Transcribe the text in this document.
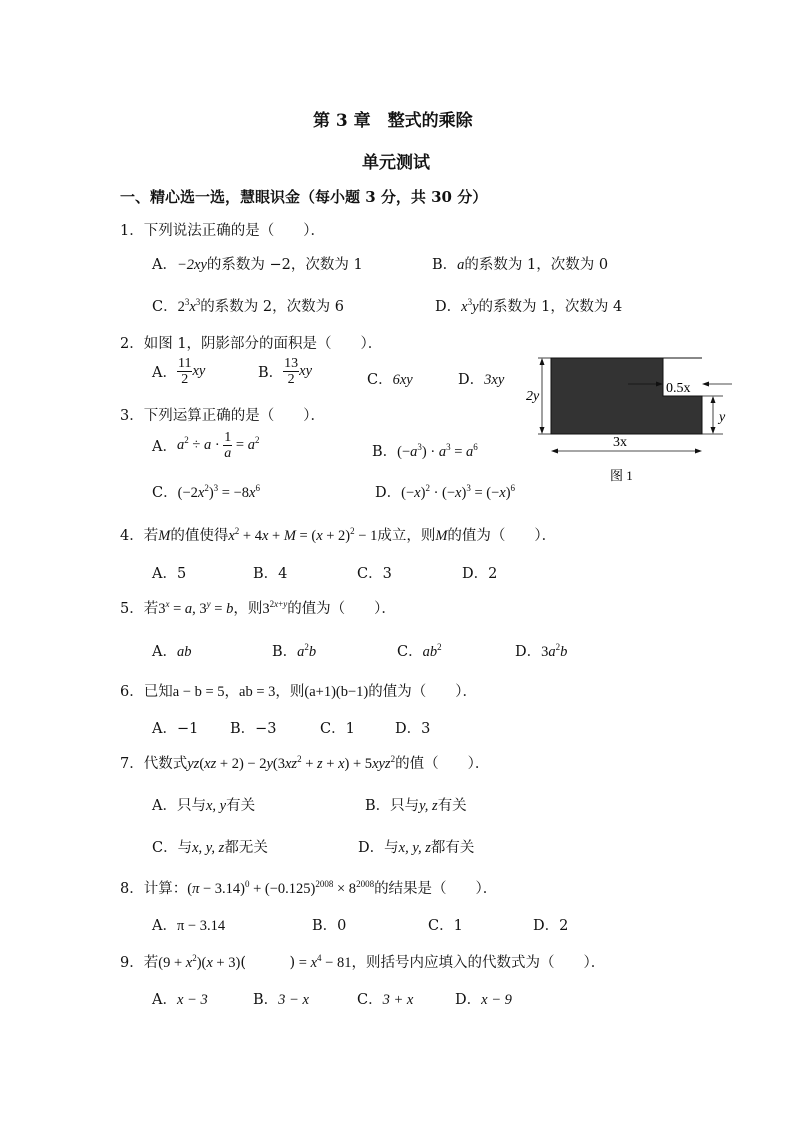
第 3 章　整式的乘除
单元测试
一、精心选一选，慧眼识金（每小题 3 分，共 30 分）
1．下列说法正确的是（　　）．
A．−2xy的系数为 −2，次数为 1	B．a的系数为 1，次数为 0
C．$2^3x^3$的系数为 2，次数为 6	D．$x^3y$的系数为 1，次数为 4
2．如图 1，阴影部分的面积是（　　）．
A． $\frac{11}{2}$ xy	B． $\frac{13}{2}$ xy
C．6xy	D．3xy
2y
0.5x
y
3x
图 1
3．下列运算正确的是（　　）．
A．$a^2 \div a \cdot \frac{1}{a} = a^2$
B．$(-a^3) \cdot a^3 = a^6$
C．$(-2x^2)^3 = -8x^6$	D．$(-x)^2 \cdot (-x)^3 = (-x)^6$
4．若M的值使得$x^2 + 4x + M = (x + 2)^2 - 1$成立，则M的值为（　　）．
A．5	B．4	C．3	D．2
5．若$3^x = a$, $3^y = b$，则$3^{2x+y}$的值为（　　）．
A．ab	B．$a^2b$	C．$ab^2$	D．$3a^2b$
6．已知a − b = 5，ab = 3，则(a+1)(b−1)的值为（　　）．
A．−1 B．−3	C．1	D．3
7．代数式$yz(xz + 2) - 2y(3xz^2 + z + x) + 5xyz^2$的值（　　）．
A．只与x, y有关	B．只与y, z有关
C．与x, y, z都无关	D．与x, y, z都有关
8．计算：$(\pi - 3.14)^0 + (-0.125)^{2008} \times 8^{2008}$的结果是（　　）．
A．π − 3.14	B．0	C．1	D．2
9．若$(9 + x^2)(x + 3)$(　　　) = $x^4 - 81$，则括号内应填入的代数式为（　　）．
A．x − 3	B．3 − x	C．3 + x	D．x − 9
